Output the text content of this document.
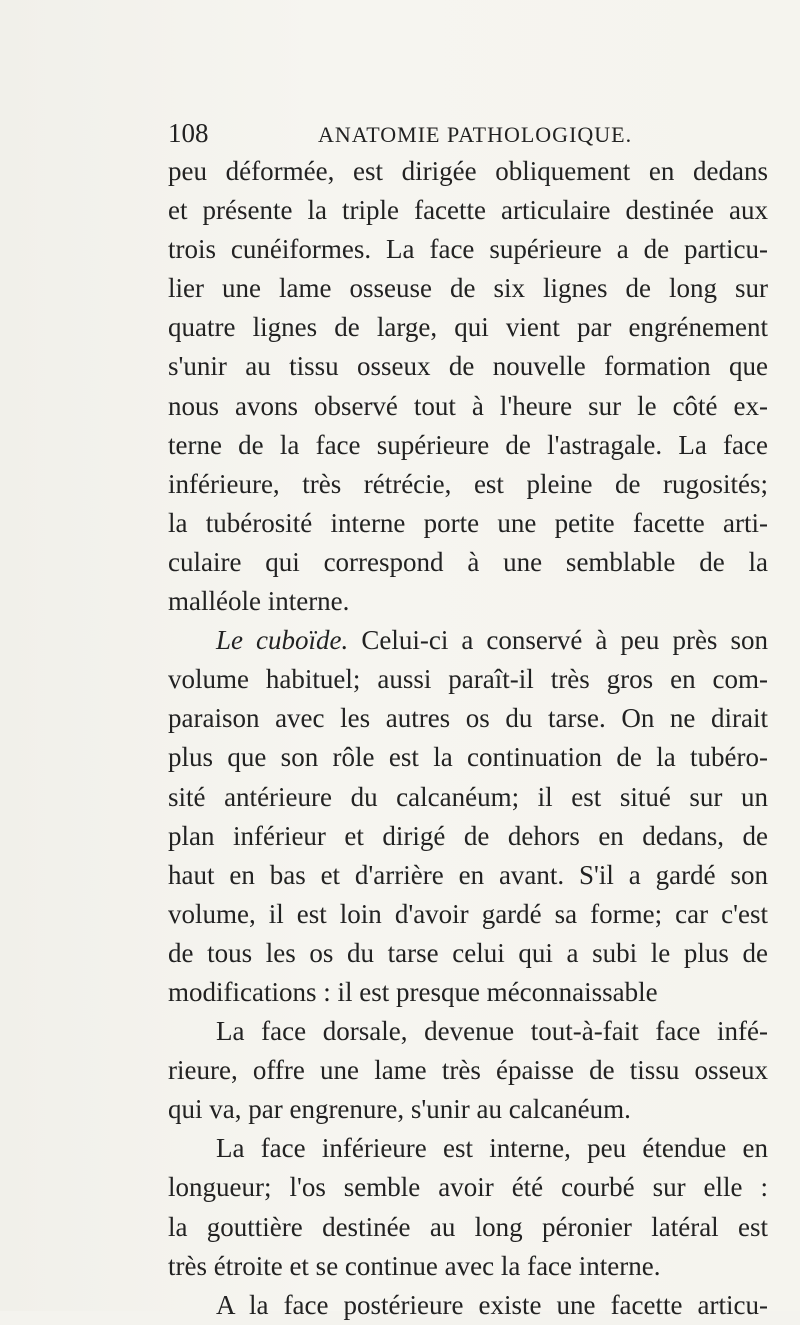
108	ANATOMIE PATHOLOGIQUE.
peu déformée, est dirigée obliquement en dedans
et présente la triple facette articulaire destinée aux
trois cunéiformes. La face supérieure a de particu-
lier une lame osseuse de six lignes de long sur
quatre lignes de large, qui vient par engrénement
s'unir au tissu osseux de nouvelle formation que
nous avons observé tout à l'heure sur le côté ex-
terne de la face supérieure de l'astragale. La face
inférieure, très rétrécie, est pleine de rugosités;
la tubérosité interne porte une petite facette arti-
culaire qui correspond à une semblable de la
malléole interne.
Le cuboïde. Celui-ci a conservé à peu près son
volume habituel; aussi paraît-il très gros en com-
paraison avec les autres os du tarse. On ne dirait
plus que son rôle est la continuation de la tubéro-
sité antérieure du calcanéum; il est situé sur un
plan inférieur et dirigé de dehors en dedans, de
haut en bas et d'arrière en avant. S'il a gardé son
volume, il est loin d'avoir gardé sa forme; car c'est
de tous les os du tarse celui qui a subi le plus de
modifications : il est presque méconnaissable
La face dorsale, devenue tout-à-fait face infé-
rieure, offre une lame très épaisse de tissu osseux
qui va, par engrenure, s'unir au calcanéum.
La face inférieure est interne, peu étendue en
longueur; l'os semble avoir été courbé sur elle :
la gouttière destinée au long péronier latéral est
très étroite et se continue avec la face interne.
A la face postérieure existe une facette articu-
